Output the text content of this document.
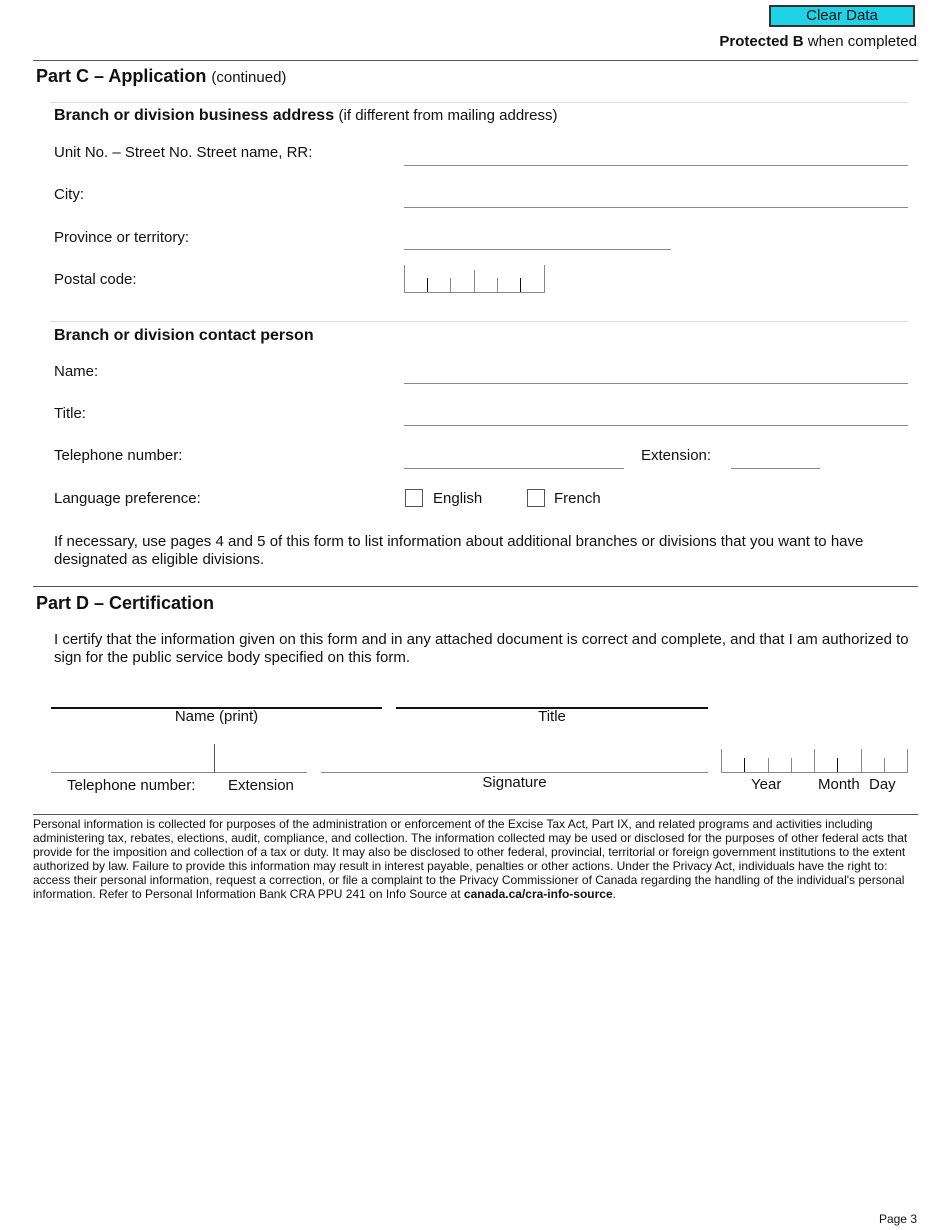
Clear Data
Protected B when completed
Part C – Application (continued)
Branch or division business address (if different from mailing address)
Unit No. – Street No. Street name, RR:
City:
Province or territory:
Postal code:
Branch or division contact person
Name:
Title:
Telephone number:	Extension:
Language preference:	English	French
If necessary, use pages 4 and 5 of this form to list information about additional branches or divisions that you want to have designated as eligible divisions.
Part D – Certification
I certify that the information given on this form and in any attached document is correct and complete, and that I am authorized to sign for the public service body specified on this form.
Name (print)	Title
Telephone number: Extension	Signature	Year Month Day
Personal information is collected for purposes of the administration or enforcement of the Excise Tax Act, Part IX, and related programs and activities including administering tax, rebates, elections, audit, compliance, and collection. The information collected may be used or disclosed for the purposes of other federal acts that provide for the imposition and collection of a tax or duty. It may also be disclosed to other federal, provincial, territorial or foreign government institutions to the extent authorized by law. Failure to provide this information may result in interest payable, penalties or other actions. Under the Privacy Act, individuals have the right to: access their personal information, request a correction, or file a complaint to the Privacy Commissioner of Canada regarding the handling of the individual's personal information. Refer to Personal Information Bank CRA PPU 241 on Info Source at canada.ca/cra-info-source.
Page 3
